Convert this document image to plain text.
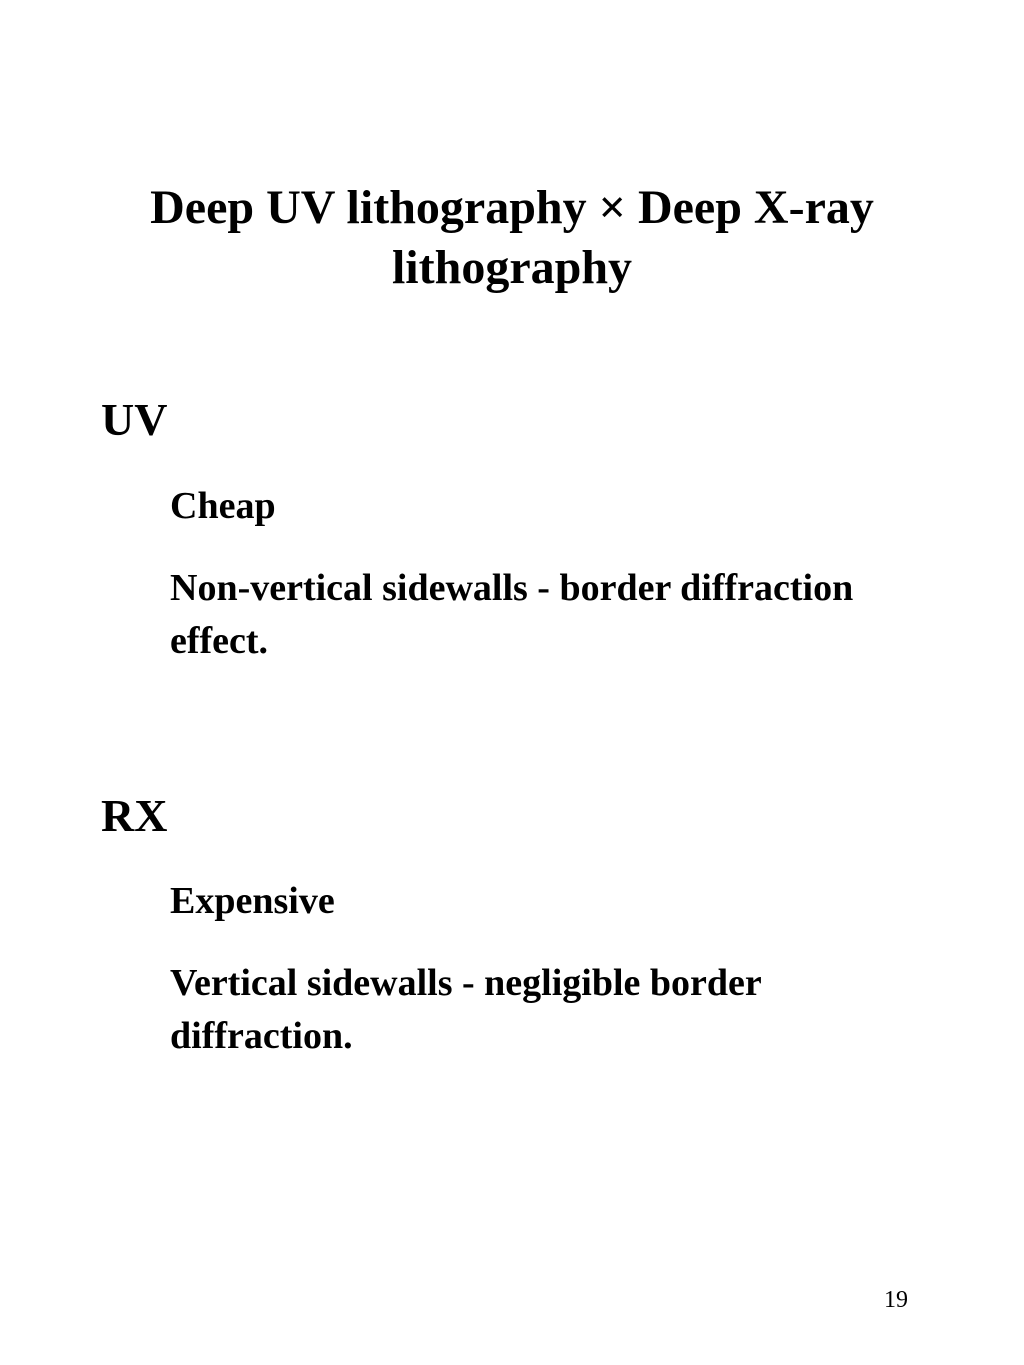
Deep UV lithography × Deep X-ray lithography
UV

Cheap

Non-vertical sidewalls - border diffraction effect.

RX

Expensive

Vertical sidewalls - negligible border diffraction.

19
